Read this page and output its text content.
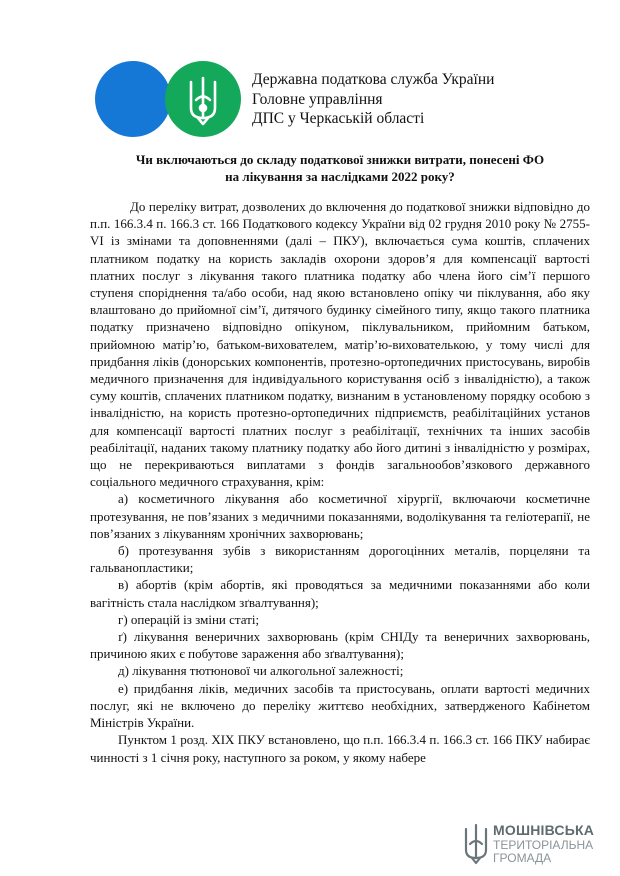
Державна податкова служба України
Головне управління
ДПС у Черкаській області
Чи включаються до складу податкової знижки витрати, понесені ФО
на лікування за наслідками 2022 року?

До переліку витрат, дозволених до включення до податкової знижки відповідно до п.п. 166.3.4 п. 166.3 ст. 166 Податкового кодексу України від 02 грудня 2010 року № 2755-VI із змінами та доповненнями (далі – ПКУ), включається сума коштів, сплачених платником податку на користь закладів охорони здоров’я для компенсації вартості платних послуг з лікування такого платника податку або члена його сім’ї першого ступеня споріднення та/або особи, над якою встановлено опіку чи піклування, або яку влаштовано до прийомної сім’ї, дитячого будинку сімейного типу, якщо такого платника податку призначено відповідно опікуном, піклувальником, прийомним батьком, прийомною матір’ю, батьком-вихователем, матір’ю-вихователькою, у тому числі для придбання ліків (донорських компонентів, протезно-ортопедичних пристосувань, виробів медичного призначення для індивідуального користування осіб з інвалідністю), а також суму коштів, сплачених платником податку, визнаним в установленому порядку особою з інвалідністю, на користь протезно-ортопедичних підприємств, реабілітаційних установ для компенсації вартості платних послуг з реабілітації, технічних та інших засобів реабілітації, наданих такому платнику податку або його дитині з інвалідністю у розмірах, що не перекриваються виплатами з фондів загальнообов’язкового державного соціального медичного страхування, крім:

а) косметичного лікування або косметичної хірургії, включаючи косметичне протезування, не пов’язаних з медичними показаннями, водолікування та геліотерапії, не пов’язаних з лікуванням хронічних захворювань;

б) протезування зубів з використанням дорогоцінних металів, порцеляни та гальванопластики;

в) абортів (крім абортів, які проводяться за медичними показаннями або коли вагітність стала наслідком зґвалтування);

г) операцій із зміни статі;

ґ) лікування венеричних захворювань (крім СНІДу та венеричних захворювань, причиною яких є побутове зараження або зґвалтування);

д) лікування тютюнової чи алкогольної залежності;

е) придбання ліків, медичних засобів та пристосувань, оплати вартості медичних послуг, які не включено до переліку життєво необхідних, затвердженого Кабінетом Міністрів України.

Пунктом 1 розд. ХІХ ПКУ встановлено, що п.п. 166.3.4 п. 166.3 ст. 166 ПКУ набирає чинності з 1 січня року, наступного за роком, у якому набере

МОШНІВСЬКА
ТЕРИТОРІАЛЬНА
ГРОМАДА
